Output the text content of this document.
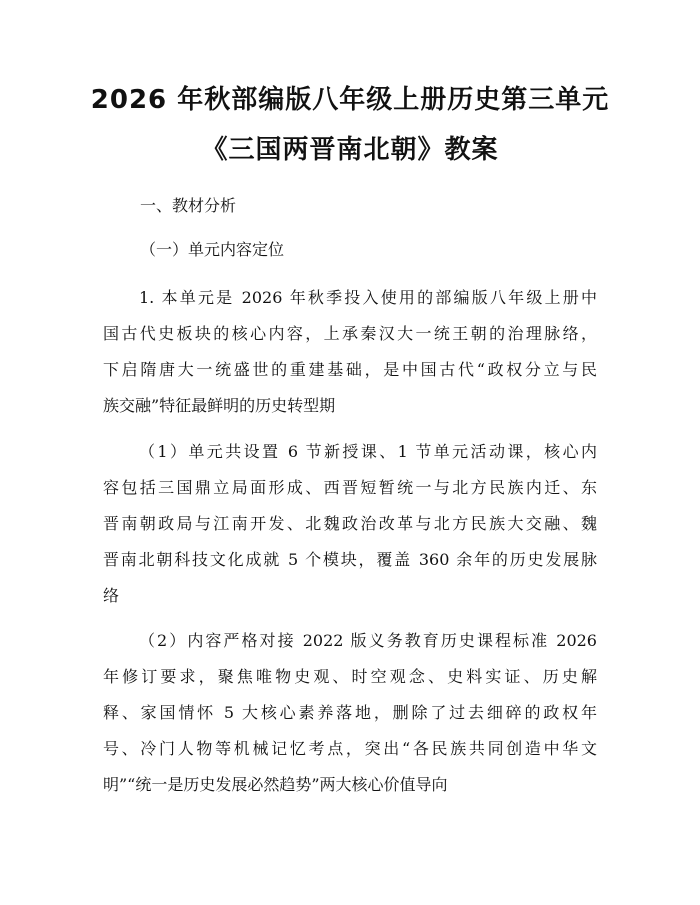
2026 年秋部编版八年级上册历史第三单元
《三国两晋南北朝》教案
一、教材分析
（一）单元内容定位
1. 本单元是 2026 年秋季投入使用的部编版八年级上册中
国古代史板块的核心内容，上承秦汉大一统王朝的治理脉络，
下启隋唐大一统盛世的重建基础，是中国古代“政权分立与民
族交融”特征最鲜明的历史转型期
（1）单元共设置 6 节新授课、1 节单元活动课，核心内
容包括三国鼎立局面形成、西晋短暂统一与北方民族内迁、东
晋南朝政局与江南开发、北魏政治改革与北方民族大交融、魏
晋南北朝科技文化成就 5 个模块，覆盖 360 余年的历史发展脉
络
（2）内容严格对接 2022 版义务教育历史课程标准 2026
年修订要求，聚焦唯物史观、时空观念、史料实证、历史解
释、家国情怀 5 大核心素养落地，删除了过去细碎的政权年
号、冷门人物等机械记忆考点，突出“各民族共同创造中华文
明”“统一是历史发展必然趋势”两大核心价值导向
